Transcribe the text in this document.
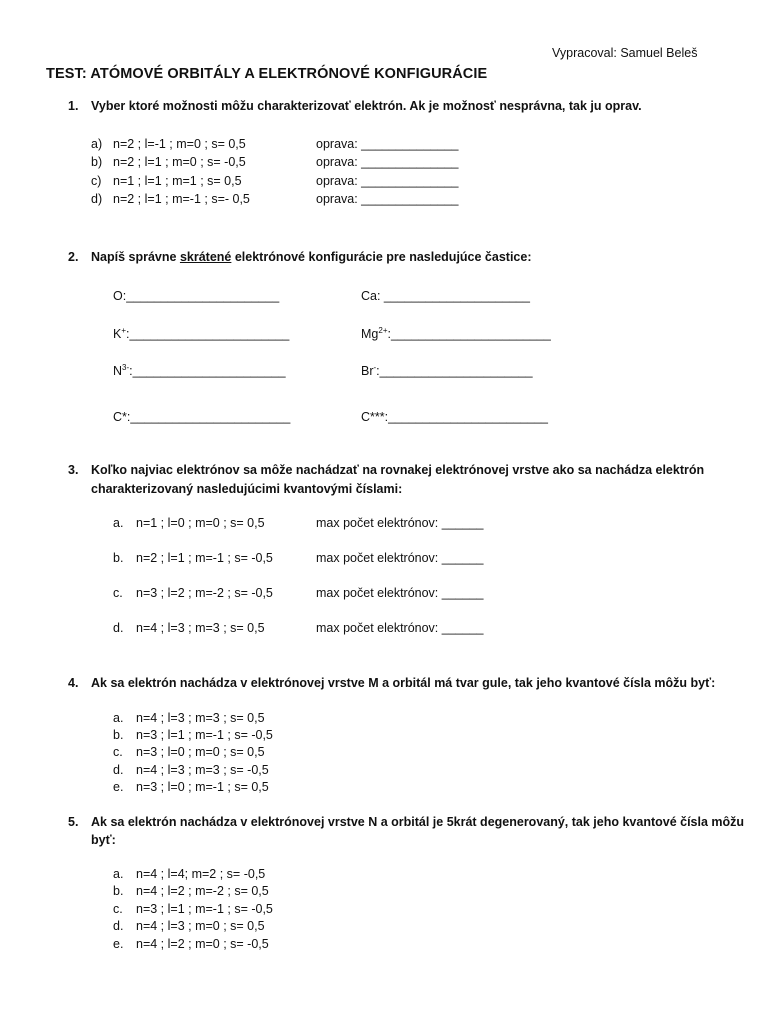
Vypracoval: Samuel Beleš
TEST: ATÓMOVÉ ORBITÁLY A ELEKTRÓNOVÉ KONFIGURÁCIE
1. Vyber ktoré možnosti môžu charakterizovať elektrón. Ak je možnosť nesprávna, tak ju oprav.
a) n=2 ; l=-1 ; m=0 ; s= 0,5	oprava: ______________
b) n=2 ; l=1 ; m=0 ; s= -0,5	oprava: ______________
c) n=1 ; l=1 ; m=1 ; s= 0,5	oprava: ______________
d) n=2 ; l=1 ; m=-1 ; s=- 0,5	oprava: ______________
2. Napíš správne skrátené elektrónové konfigurácie pre nasledujúce častice:
O:______________________	Ca: _____________________
K+:_______________________	$Mg^{2+}:\_\_\_\_\_\_\_\_\_\_\_\_\_\_\_\_\_\_\_\_\_\_\_$
$N^{3-}:\_\_\_\_\_\_\_\_\_\_\_\_\_\_\_\_\_\_\_\_\_\_$	Br-:______________________
C*:_______________________	C***:_______________________
3. Koľko najviac elektrónov sa môže nachádzať na rovnakej elektrónovej vrstve ako sa nachádza elektrón
charakterizovaný nasledujúcimi kvantovými číslami:
a. n=1 ; l=0 ; m=0 ; s= 0,5	max počet elektrónov: ______
b. n=2 ; l=1 ; m=-1 ; s= -0,5	max počet elektrónov: ______
c. n=3 ; l=2 ; m=-2 ; s= -0,5	max počet elektrónov: ______
d. n=4 ; l=3 ; m=3 ; s= 0,5	max počet elektrónov: ______
4. Ak sa elektrón nachádza v elektrónovej vrstve M a orbitál má tvar gule, tak jeho kvantové čísla môžu byť:
a. n=4 ; l=3 ; m=3 ; s= 0,5
b. n=3 ; l=1 ; m=-1 ; s= -0,5
c. n=3 ; l=0 ; m=0 ; s= 0,5
d. n=4 ; l=3 ; m=3 ; s= -0,5
e. n=3 ; l=0 ; m=-1 ; s= 0,5
5. Ak sa elektrón nachádza v elektrónovej vrstve N a orbitál je 5krát degenerovaný, tak jeho kvantové čísla môžu
byť:
a. n=4 ; l=4; m=2 ; s= -0,5
b. n=4 ; l=2 ; m=-2 ; s= 0,5
c. n=3 ; l=1 ; m=-1 ; s= -0,5
d. n=4 ; l=3 ; m=0 ; s= 0,5
e. n=4 ; l=2 ; m=0 ; s= -0,5
